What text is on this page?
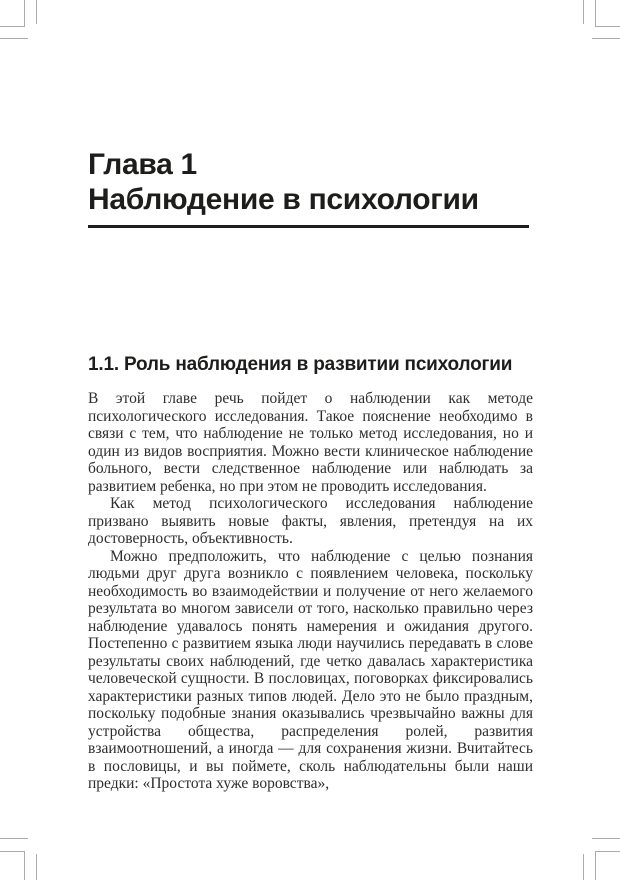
Глава 1
Наблюдение в психологии
1.1. Роль наблюдения в развитии психологии

В этой главе речь пойдет о наблюдении как методе психологического исследования. Такое пояснение необходимо в связи с тем, что наблюдение не только метод исследования, но и один из видов восприятия. Можно вести клиническое наблюдение больного, вести следственное наблюдение или наблюдать за развитием ребенка, но при этом не проводить исследования.

Как метод психологического исследования наблюдение призвано выявить новые факты, явления, претендуя на их достоверность, объективность.

Можно предположить, что наблюдение с целью познания людьми друг друга возникло с появлением человека, поскольку необходимость во взаимодействии и получение от него желаемого результата во многом зависели от того, насколько правильно через наблюдение удавалось понять намерения и ожидания другого. Постепенно с развитием языка люди научились передавать в слове результаты своих наблюдений, где четко давалась характеристика человеческой сущности. В пословицах, поговорках фиксировались характеристики разных типов людей. Дело это не было праздным, поскольку подобные знания оказывались чрезвычайно важны для устройства общества, распределения ролей, развития взаимоотношений, а иногда — для сохранения жизни. Вчитайтесь в пословицы, и вы поймете, сколь наблюдательны были наши предки: «Простота хуже воровства»,
